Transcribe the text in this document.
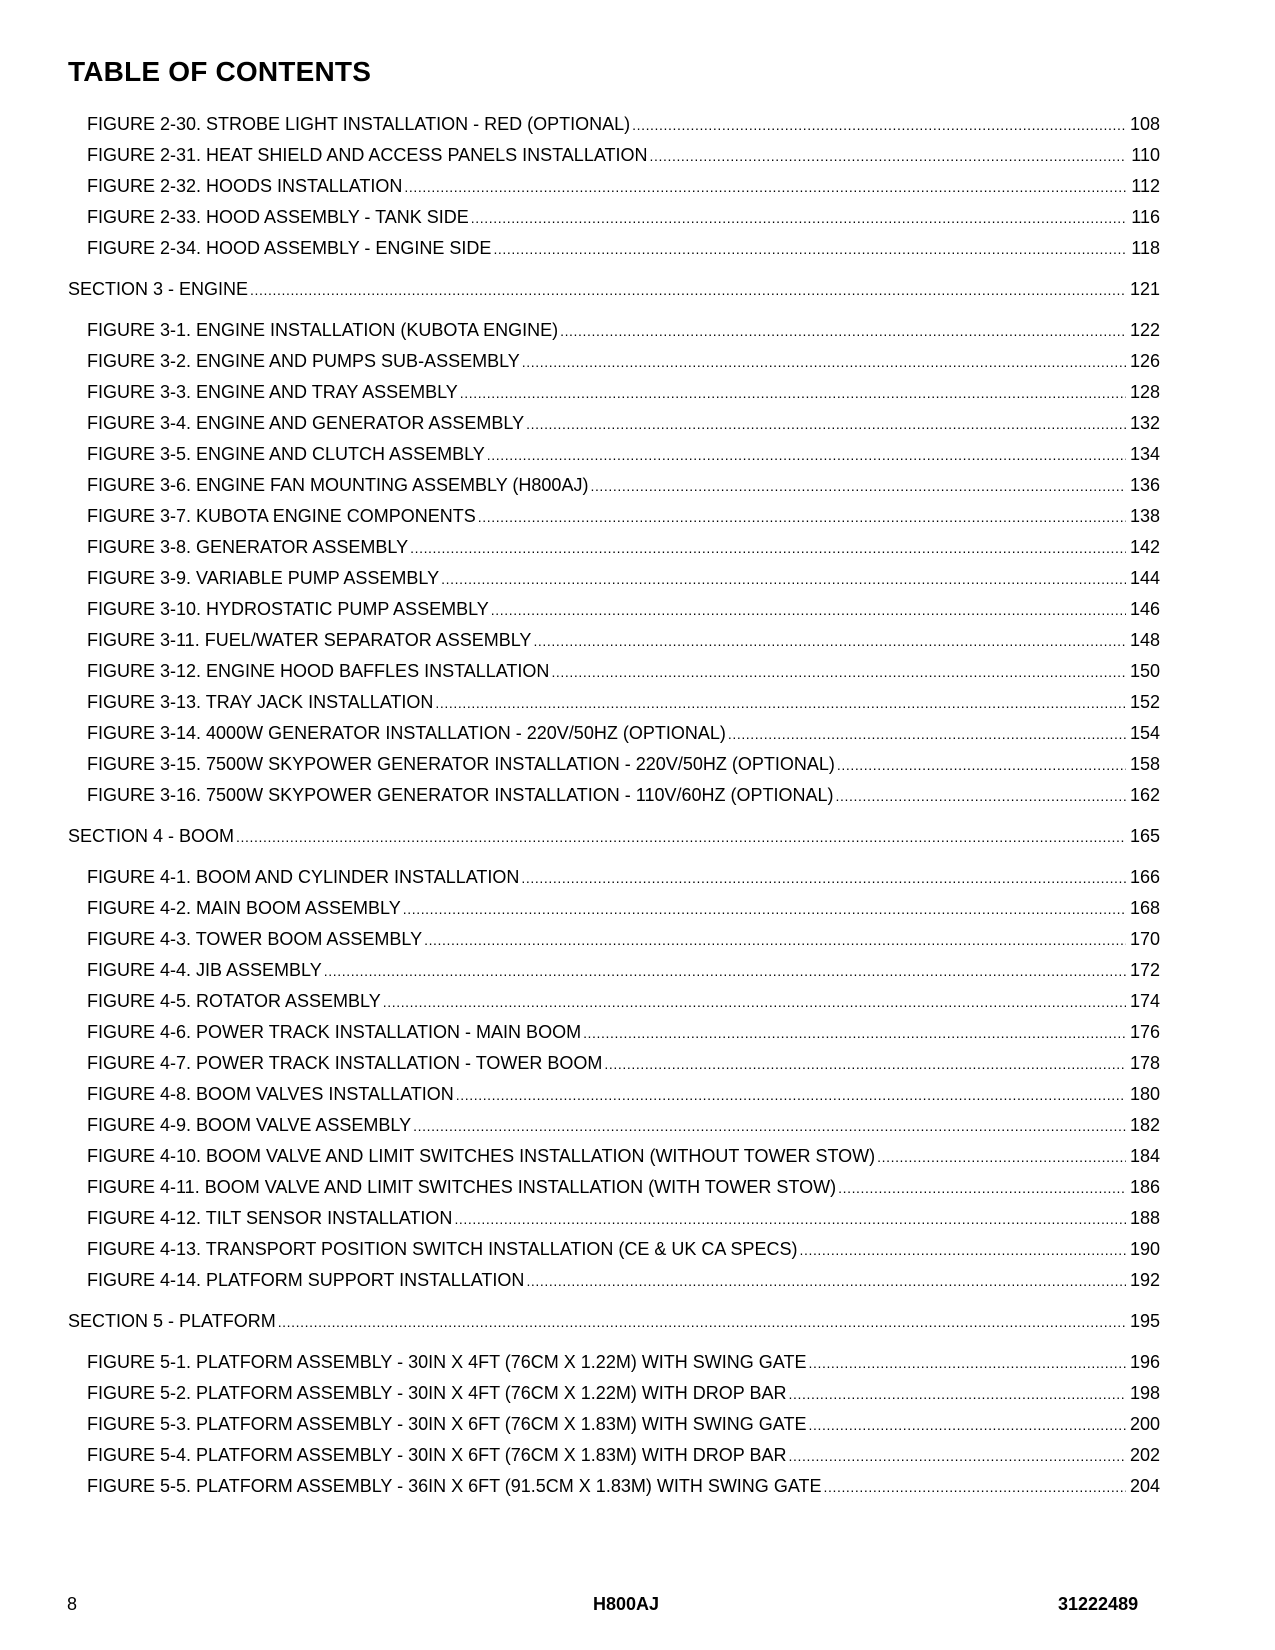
TABLE OF CONTENTS
FIGURE 2-30. STROBE LIGHT INSTALLATION - RED (OPTIONAL) .....	108
FIGURE 2-31. HEAT SHIELD AND ACCESS PANELS INSTALLATION .....	110
FIGURE 2-32. HOODS INSTALLATION .....	112
FIGURE 2-33. HOOD ASSEMBLY - TANK SIDE .....	116
FIGURE 2-34. HOOD ASSEMBLY - ENGINE SIDE .....	118
SECTION 3 - ENGINE .....	121
FIGURE 3-1. ENGINE INSTALLATION (KUBOTA ENGINE) .....	122
FIGURE 3-2. ENGINE AND PUMPS SUB-ASSEMBLY .....	126
FIGURE 3-3. ENGINE AND TRAY ASSEMBLY .....	128
FIGURE 3-4. ENGINE AND GENERATOR ASSEMBLY .....	132
FIGURE 3-5. ENGINE AND CLUTCH ASSEMBLY .....	134
FIGURE 3-6. ENGINE FAN MOUNTING ASSEMBLY (H800AJ) .....	136
FIGURE 3-7. KUBOTA ENGINE COMPONENTS .....	138
FIGURE 3-8. GENERATOR ASSEMBLY .....	142
FIGURE 3-9. VARIABLE PUMP ASSEMBLY .....	144
FIGURE 3-10. HYDROSTATIC PUMP ASSEMBLY .....	146
FIGURE 3-11. FUEL/WATER SEPARATOR ASSEMBLY .....	148
FIGURE 3-12. ENGINE HOOD BAFFLES INSTALLATION .....	150
FIGURE 3-13. TRAY JACK INSTALLATION .....	152
FIGURE 3-14. 4000W GENERATOR INSTALLATION - 220V/50HZ (OPTIONAL) .....	154
FIGURE 3-15. 7500W SKYPOWER GENERATOR INSTALLATION - 220V/50HZ (OPTIONAL) .....	158
FIGURE 3-16. 7500W SKYPOWER GENERATOR INSTALLATION - 110V/60HZ (OPTIONAL) .....	162
SECTION 4 - BOOM .....	165
FIGURE 4-1. BOOM AND CYLINDER INSTALLATION .....	166
FIGURE 4-2. MAIN BOOM ASSEMBLY .....	168
FIGURE 4-3. TOWER BOOM ASSEMBLY .....	170
FIGURE 4-4. JIB ASSEMBLY .....	172
FIGURE 4-5. ROTATOR ASSEMBLY .....	174
FIGURE 4-6. POWER TRACK INSTALLATION - MAIN BOOM .....	176
FIGURE 4-7. POWER TRACK INSTALLATION - TOWER BOOM .....	178
FIGURE 4-8. BOOM VALVES INSTALLATION .....	180
FIGURE 4-9. BOOM VALVE ASSEMBLY .....	182
FIGURE 4-10. BOOM VALVE AND LIMIT SWITCHES INSTALLATION (WITHOUT TOWER STOW) .....	184
FIGURE 4-11. BOOM VALVE AND LIMIT SWITCHES INSTALLATION (WITH TOWER STOW) .....	186
FIGURE 4-12. TILT SENSOR INSTALLATION .....	188
FIGURE 4-13. TRANSPORT POSITION SWITCH INSTALLATION (CE & UK CA SPECS) .....	190
FIGURE 4-14. PLATFORM SUPPORT INSTALLATION .....	192
SECTION 5 - PLATFORM .....	195
FIGURE 5-1. PLATFORM ASSEMBLY - 30IN X 4FT (76CM X 1.22M) WITH SWING GATE .....	196
FIGURE 5-2. PLATFORM ASSEMBLY - 30IN X 4FT (76CM X 1.22M) WITH DROP BAR .....	198
FIGURE 5-3. PLATFORM ASSEMBLY - 30IN X 6FT (76CM X 1.83M) WITH SWING GATE .....	200
FIGURE 5-4. PLATFORM ASSEMBLY - 30IN X 6FT (76CM X 1.83M) WITH DROP BAR .....	202
FIGURE 5-5. PLATFORM ASSEMBLY - 36IN X 6FT (91.5CM X 1.83M) WITH SWING GATE .....	204
8	H800AJ	31222489
